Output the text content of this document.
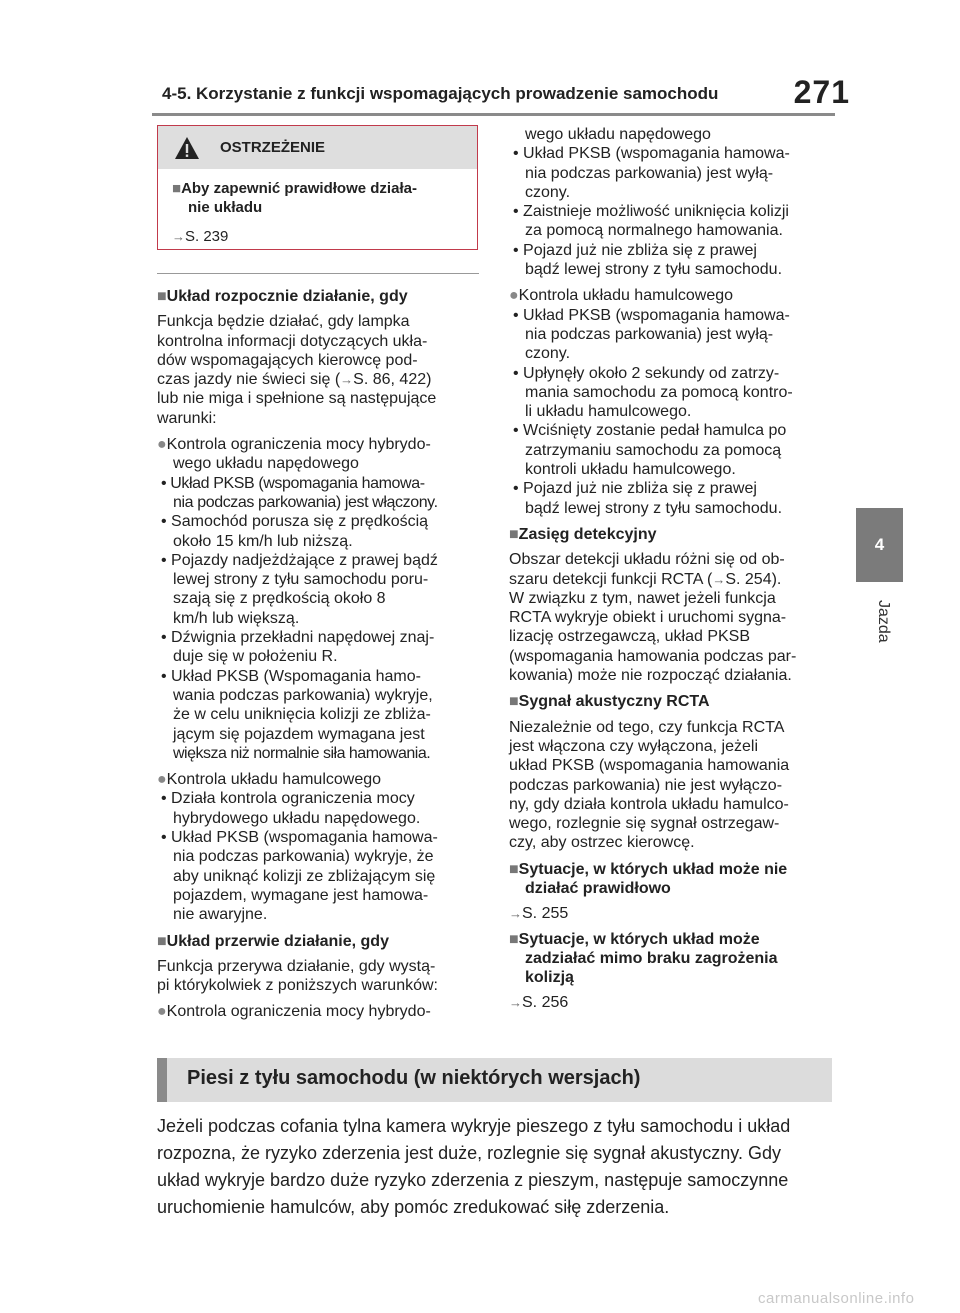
4-5. Korzystanie z funkcji wspomagających prowadzenie samochodu	271
4
Jazda
OSTRZEŻENIE
■Aby zapewnić prawidłowe działa-
nie układu
→S. 239

■Układ rozpocznie działanie, gdy

Funkcja będzie działać, gdy lampka
kontrolna informacji dotyczących ukła-
dów wspomagających kierowcę pod-
czas jazdy nie świeci się (→S. 86, 422)
lub nie miga i spełnione są następujące
warunki:
●Kontrola ograniczenia mocy hybrydo-
wego układu napędowego
• Układ PKSB (wspomagania hamowa-
nia podczas parkowania) jest włączony.
• Samochód porusza się z prędkością
około 15 km/h lub niższą.
• Pojazdy nadjeżdżające z prawej bądź
lewej strony z tyłu samochodu poru-
szają się z prędkością około 8
km/h lub większą.
• Dźwignia przekładni napędowej znaj-
duje się w położeniu R.
• Układ PKSB (Wspomagania hamo-
wania podczas parkowania) wykryje,
że w celu uniknięcia kolizji ze zbliża-
jącym się pojazdem wymagana jest
większa niż normalnie siła hamowania.
●Kontrola układu hamulcowego
• Działa kontrola ograniczenia mocy
hybrydowego układu napędowego.
• Układ PKSB (wspomagania hamowa-
nia podczas parkowania) wykryje, że
aby uniknąć kolizji ze zbliżającym się
pojazdem, wymagane jest hamowa-
nie awaryjne.

■Układ przerwie działanie, gdy

Funkcja przerywa działanie, gdy wystą-
pi którykolwiek z poniższych warunków:
●Kontrola ograniczenia mocy hybrydo-
wego układu napędowego
• Układ PKSB (wspomagania hamowa-
nia podczas parkowania) jest wyłą-
czony.
• Zaistnieje możliwość uniknięcia kolizji
za pomocą normalnego hamowania.
• Pojazd już nie zbliża się z prawej
bądź lewej strony z tyłu samochodu.
●Kontrola układu hamulcowego
• Układ PKSB (wspomagania hamowa-
nia podczas parkowania) jest wyłą-
czony.
• Upłynęły około 2 sekundy od zatrzy-
mania samochodu za pomocą kontro-
li układu hamulcowego.
• Wciśnięty zostanie pedał hamulca po
zatrzymaniu samochodu za pomocą
kontroli układu hamulcowego.
• Pojazd już nie zbliża się z prawej
bądź lewej strony z tyłu samochodu.

■Zasięg detekcyjny

Obszar detekcji układu różni się od ob-
szaru detekcji funkcji RCTA (→S. 254).
W związku z tym, nawet jeżeli funkcja
RCTA wykryje obiekt i uruchomi sygna-
lizację ostrzegawczą, układ PKSB
(wspomagania hamowania podczas par-
kowania) może nie rozpocząć działania.

■Sygnał akustyczny RCTA

Niezależnie od tego, czy funkcja RCTA
jest włączona czy wyłączona, jeżeli
układ PKSB (wspomagania hamowania
podczas parkowania) nie jest wyłączo-
ny, gdy działa kontrola układu hamulco-
wego, rozlegnie się sygnał ostrzegaw-
czy, aby ostrzec kierowcę.

■Sytuacje, w których układ może nie
działać prawidłowo

→S. 255

■Sytuacje, w których układ może
zadziałać mimo braku zagrożenia
kolizją

→S. 256

Piesi z tyłu samochodu (w niektórych wersjach)
Jeżeli podczas cofania tylna kamera wykryje pieszego z tyłu samochodu i układ
rozpozna, że ryzyko zderzenia jest duże, rozlegnie się sygnał akustyczny. Gdy
układ wykryje bardzo duże ryzyko zderzenia z pieszym, następuje samoczynne
uruchomienie hamulców, aby pomóc zredukować siłę zderzenia.
carmanualsonline.info
